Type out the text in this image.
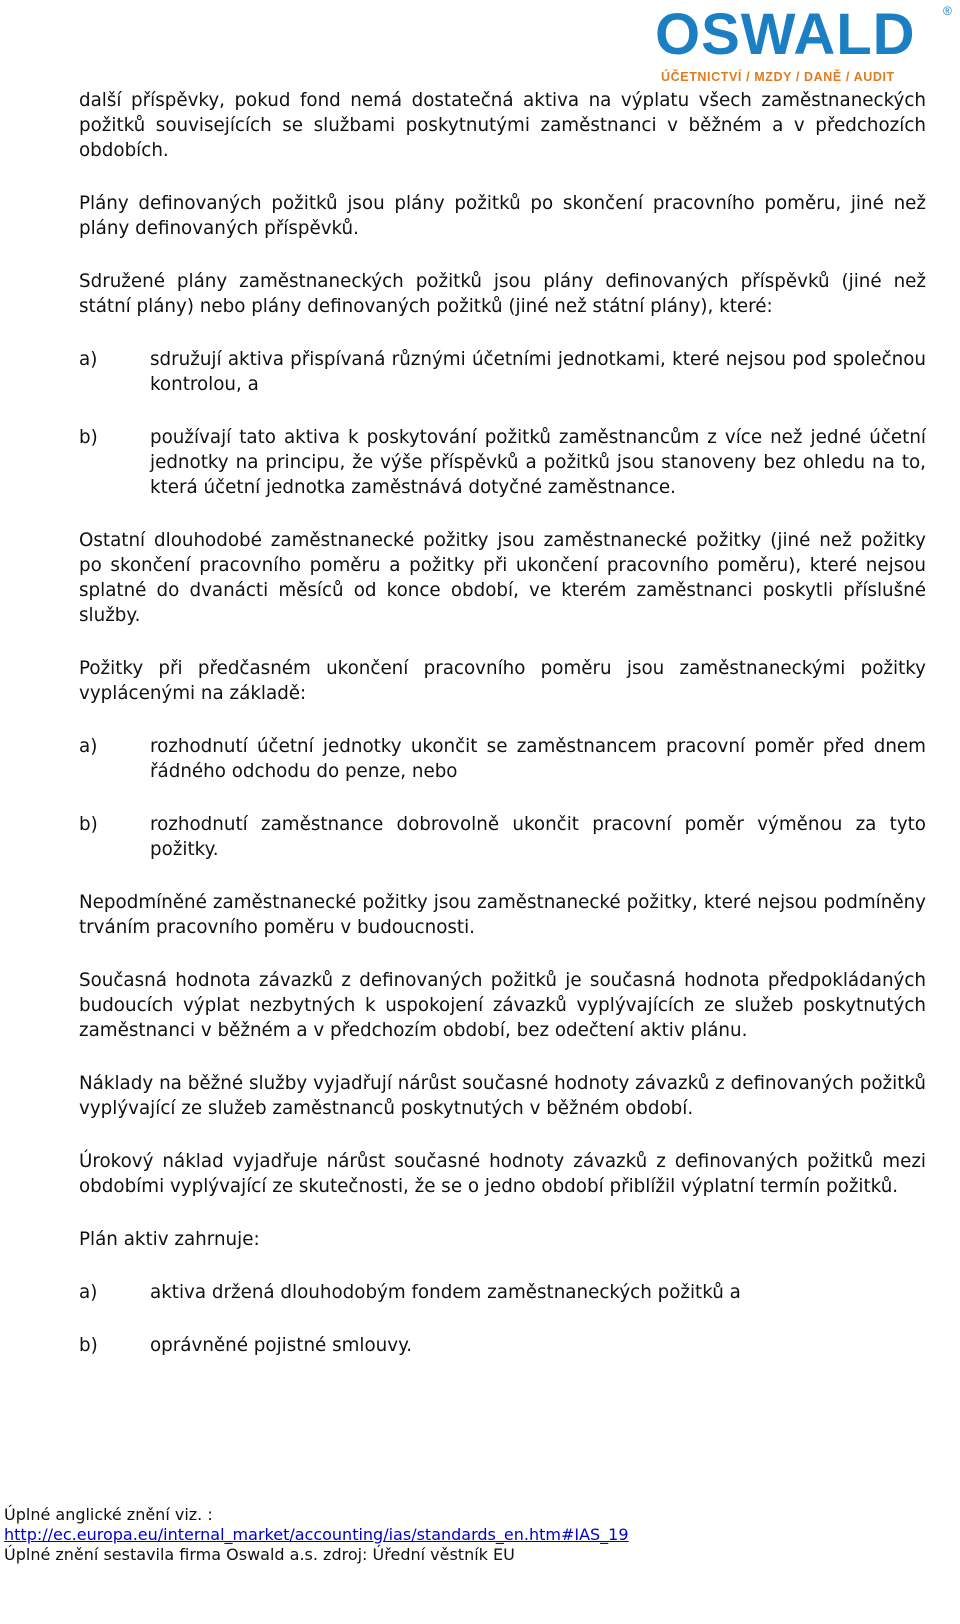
OSWALD ®
ÚČETNICTVÍ / MZDY / DANĚ / AUDIT

další příspěvky, pokud fond nemá dostatečná aktiva na výplatu všech zaměstnaneckých požitků souvisejících se službami poskytnutými zaměstnanci v běžném a v předchozích obdobích.

Plány definovaných požitků jsou plány požitků po skončení pracovního poměru, jiné než plány definovaných příspěvků.

Sdružené plány zaměstnaneckých požitků jsou plány definovaných příspěvků (jiné než státní plány) nebo plány definovaných požitků (jiné než státní plány), které:

a)	sdružují aktiva přispívaná různými účetními jednotkami, které nejsou pod společnou kontrolou, a
b)	používají tato aktiva k poskytování požitků zaměstnancům z více než jedné účetní jednotky na principu, že výše příspěvků a požitků jsou stanoveny bez ohledu na to, která účetní jednotka zaměstnává dotyčné zaměstnance.

Ostatní dlouhodobé zaměstnanecké požitky jsou zaměstnanecké požitky (jiné než požitky po skončení pracovního poměru a požitky při ukončení pracovního poměru), které nejsou splatné do dvanácti měsíců od konce období, ve kterém zaměstnanci poskytli příslušné služby.

Požitky při předčasném ukončení pracovního poměru jsou zaměstnaneckými požitky vyplácenými na základě:

a)	rozhodnutí účetní jednotky ukončit se zaměstnancem pracovní poměr před dnem řádného odchodu do penze, nebo
b)	rozhodnutí zaměstnance dobrovolně ukončit pracovní poměr výměnou za tyto požitky.

Nepodmíněné zaměstnanecké požitky jsou zaměstnanecké požitky, které nejsou podmíněny trváním pracovního poměru v budoucnosti.

Současná hodnota závazků z definovaných požitků je současná hodnota předpokládaných budoucích výplat nezbytných k uspokojení závazků vyplývajících ze služeb poskytnutých zaměstnanci v běžném a v předchozím období, bez odečtení aktiv plánu.

Náklady na běžné služby vyjadřují nárůst současné hodnoty závazků z definovaných požitků vyplývající ze služeb zaměstnanců poskytnutých v běžném období.

Úrokový náklad vyjadřuje nárůst současné hodnoty závazků z definovaných požitků mezi obdobími vyplývající ze skutečnosti, že se o jedno období přiblížil výplatní termín požitků.

Plán aktiv zahrnuje:

a)	aktiva držená dlouhodobým fondem zaměstnaneckých požitků a
b)	oprávněné pojistné smlouvy.
Úplné anglické znění viz. :
http://ec.europa.eu/internal_market/accounting/ias/standards_en.htm#IAS_19
Úplné znění sestavila firma Oswald a.s. zdroj: Úřední věstník EU
